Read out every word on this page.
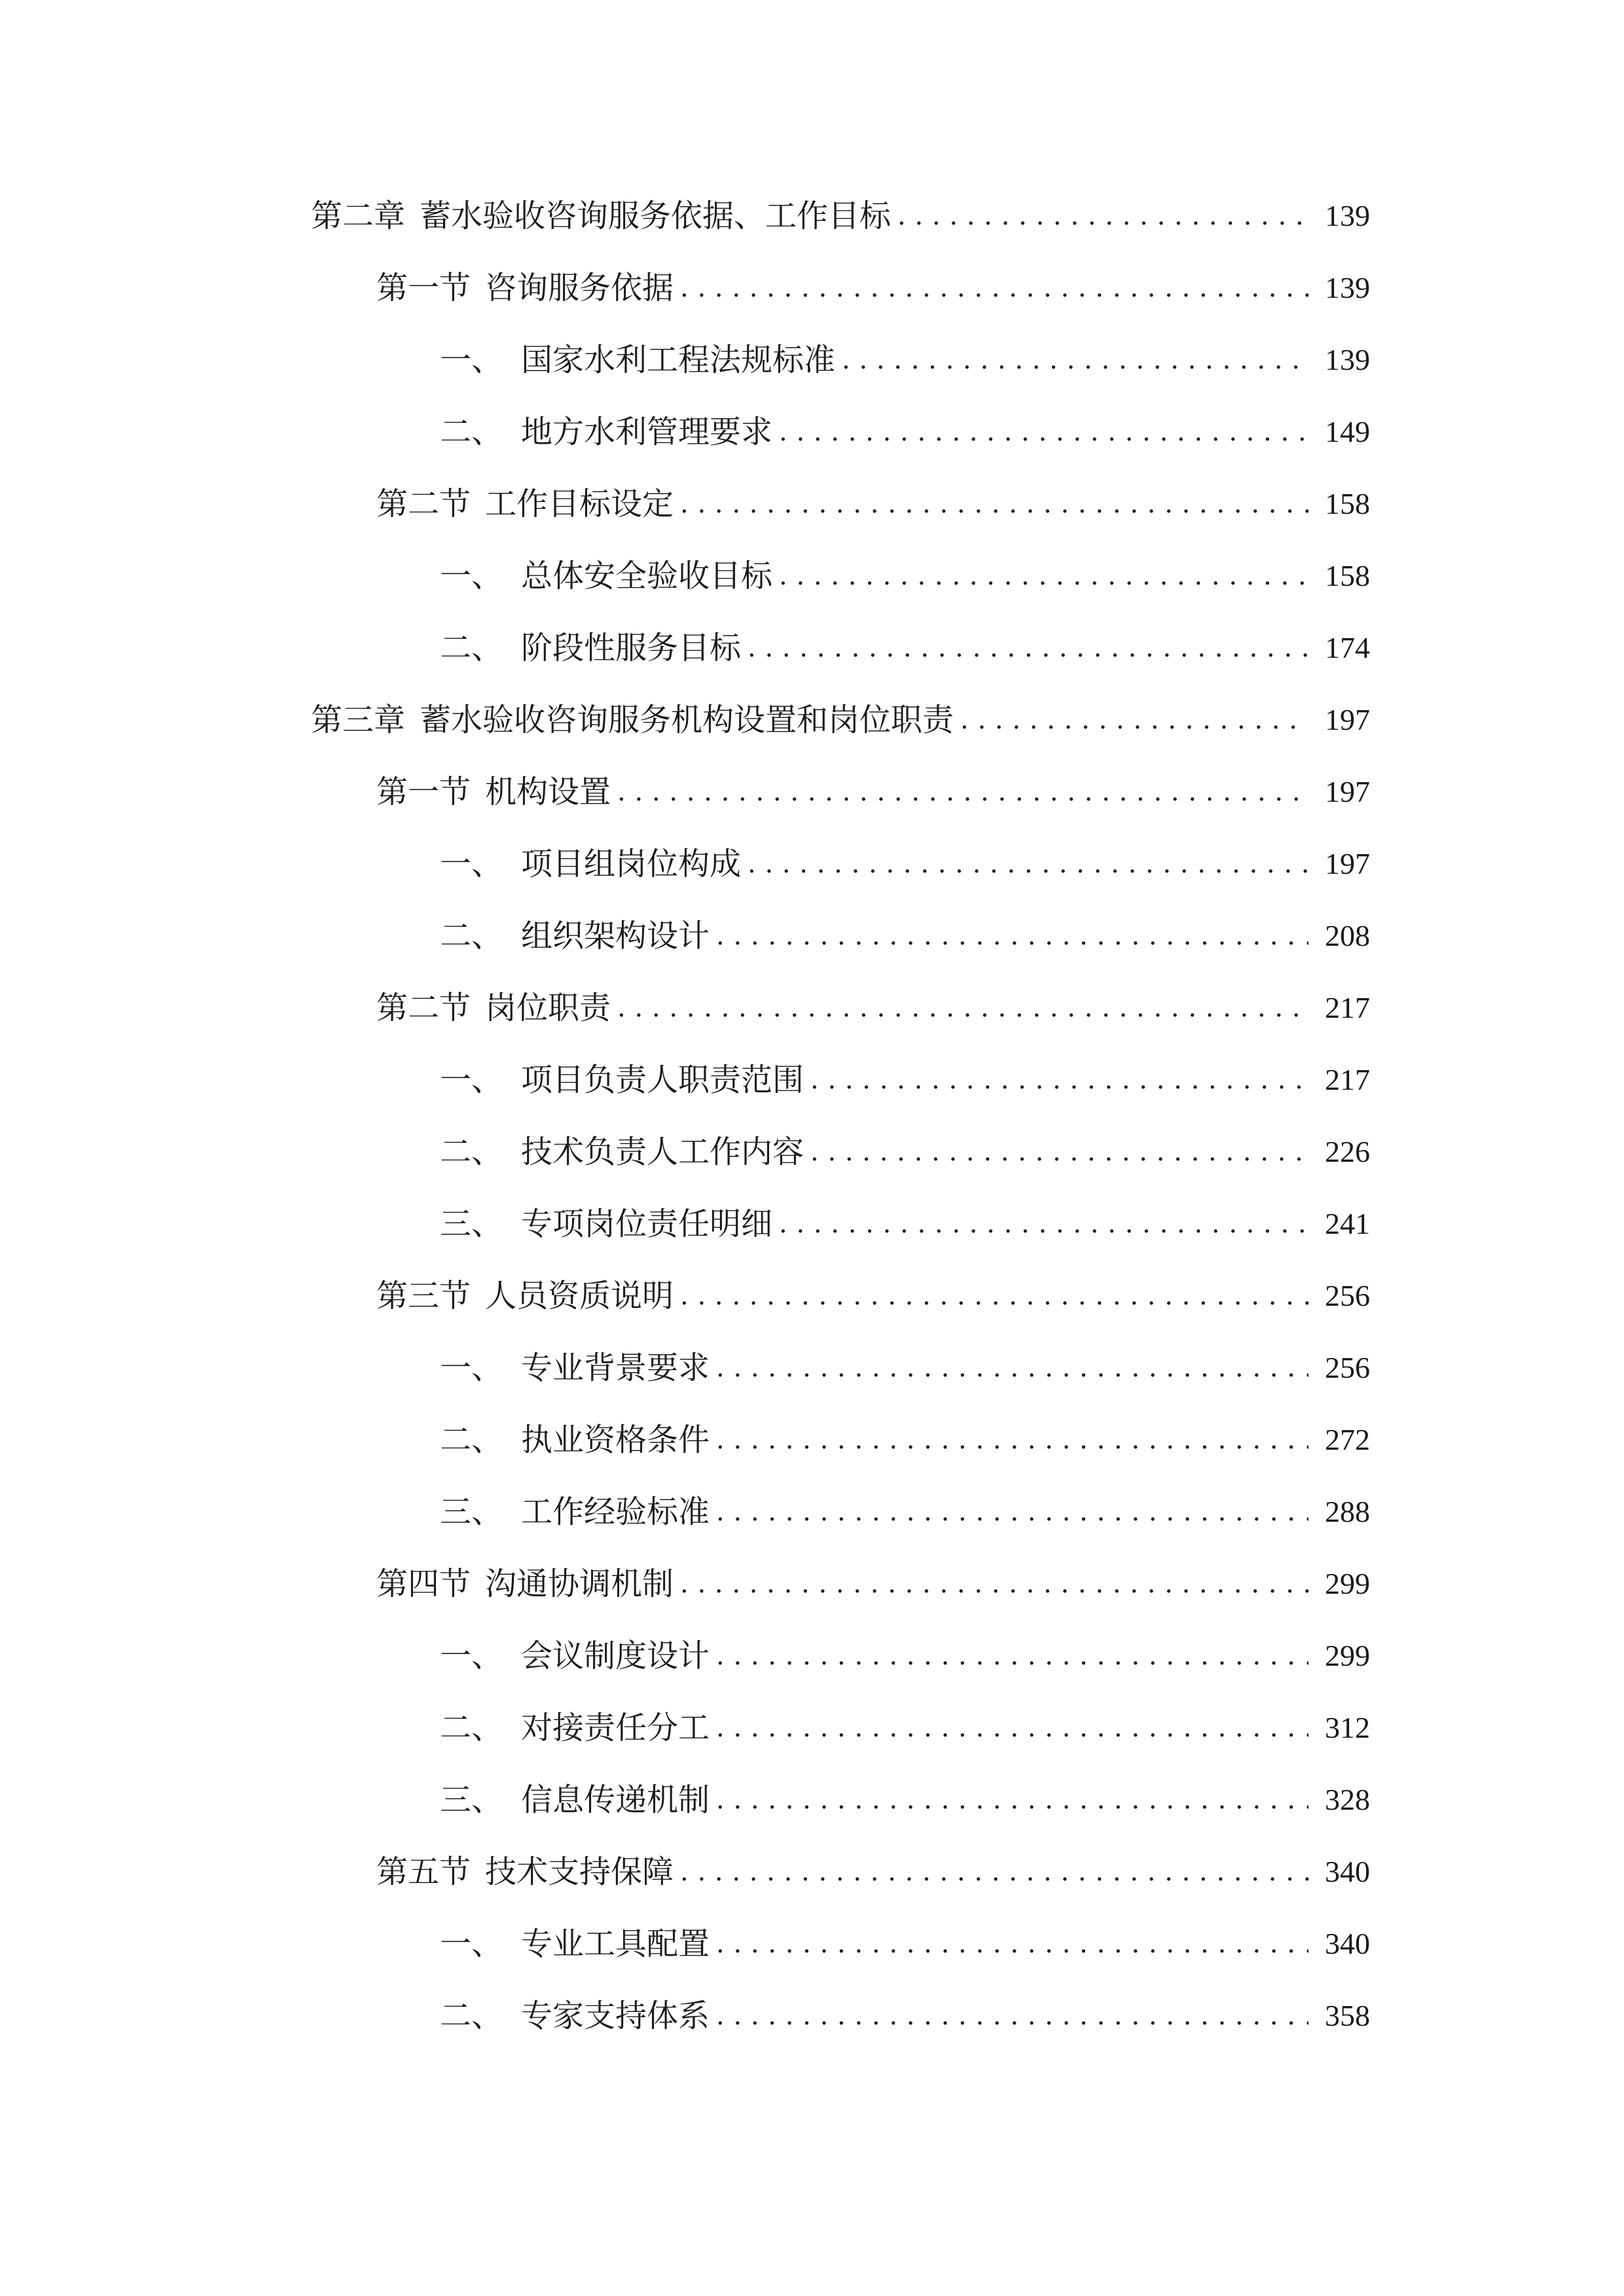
第二章 蓄水验收咨询服务依据、工作目标 . . .	139
第一节 咨询服务依据 . . .	139
一、 国家水利工程法规标准 . . .	139
二、 地方水利管理要求 . . .	149
第二节 工作目标设定 . . .	158
一、 总体安全验收目标 . . .	158
二、 阶段性服务目标 . . .	174
第三章 蓄水验收咨询服务机构设置和岗位职责 . . .	197
第一节 机构设置 . . .	197
一、 项目组岗位构成 . . .	197
二、 组织架构设计 . . .	208
第二节 岗位职责 . . .	217
一、 项目负责人职责范围 . . .	217
二、 技术负责人工作内容 . . .	226
三、 专项岗位责任明细 . . .	241
第三节 人员资质说明 . . .	256
一、 专业背景要求 . . .	256
二、 执业资格条件 . . .	272
三、 工作经验标准 . . .	288
第四节 沟通协调机制 . . .	299
一、 会议制度设计 . . .	299
二、 对接责任分工 . . .	312
三、 信息传递机制 . . .	328
第五节 技术支持保障 . . .	340
一、 专业工具配置 . . .	340
二、 专家支持体系 . . .	358
